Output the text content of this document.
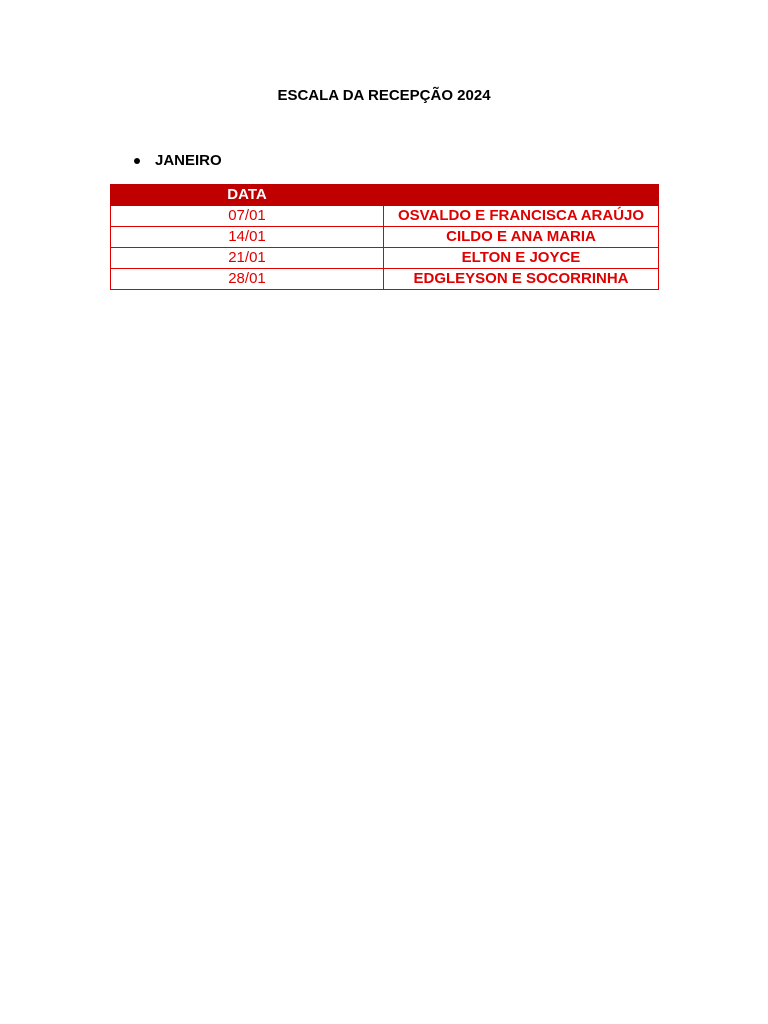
ESCALA DA RECEPÇÃO 2024
JANEIRO
DATA	
07/01	OSVALDO E FRANCISCA ARAÚJO
14/01	CILDO E ANA MARIA
21/01	ELTON E JOYCE
28/01	EDGLEYSON E SOCORRINHA
